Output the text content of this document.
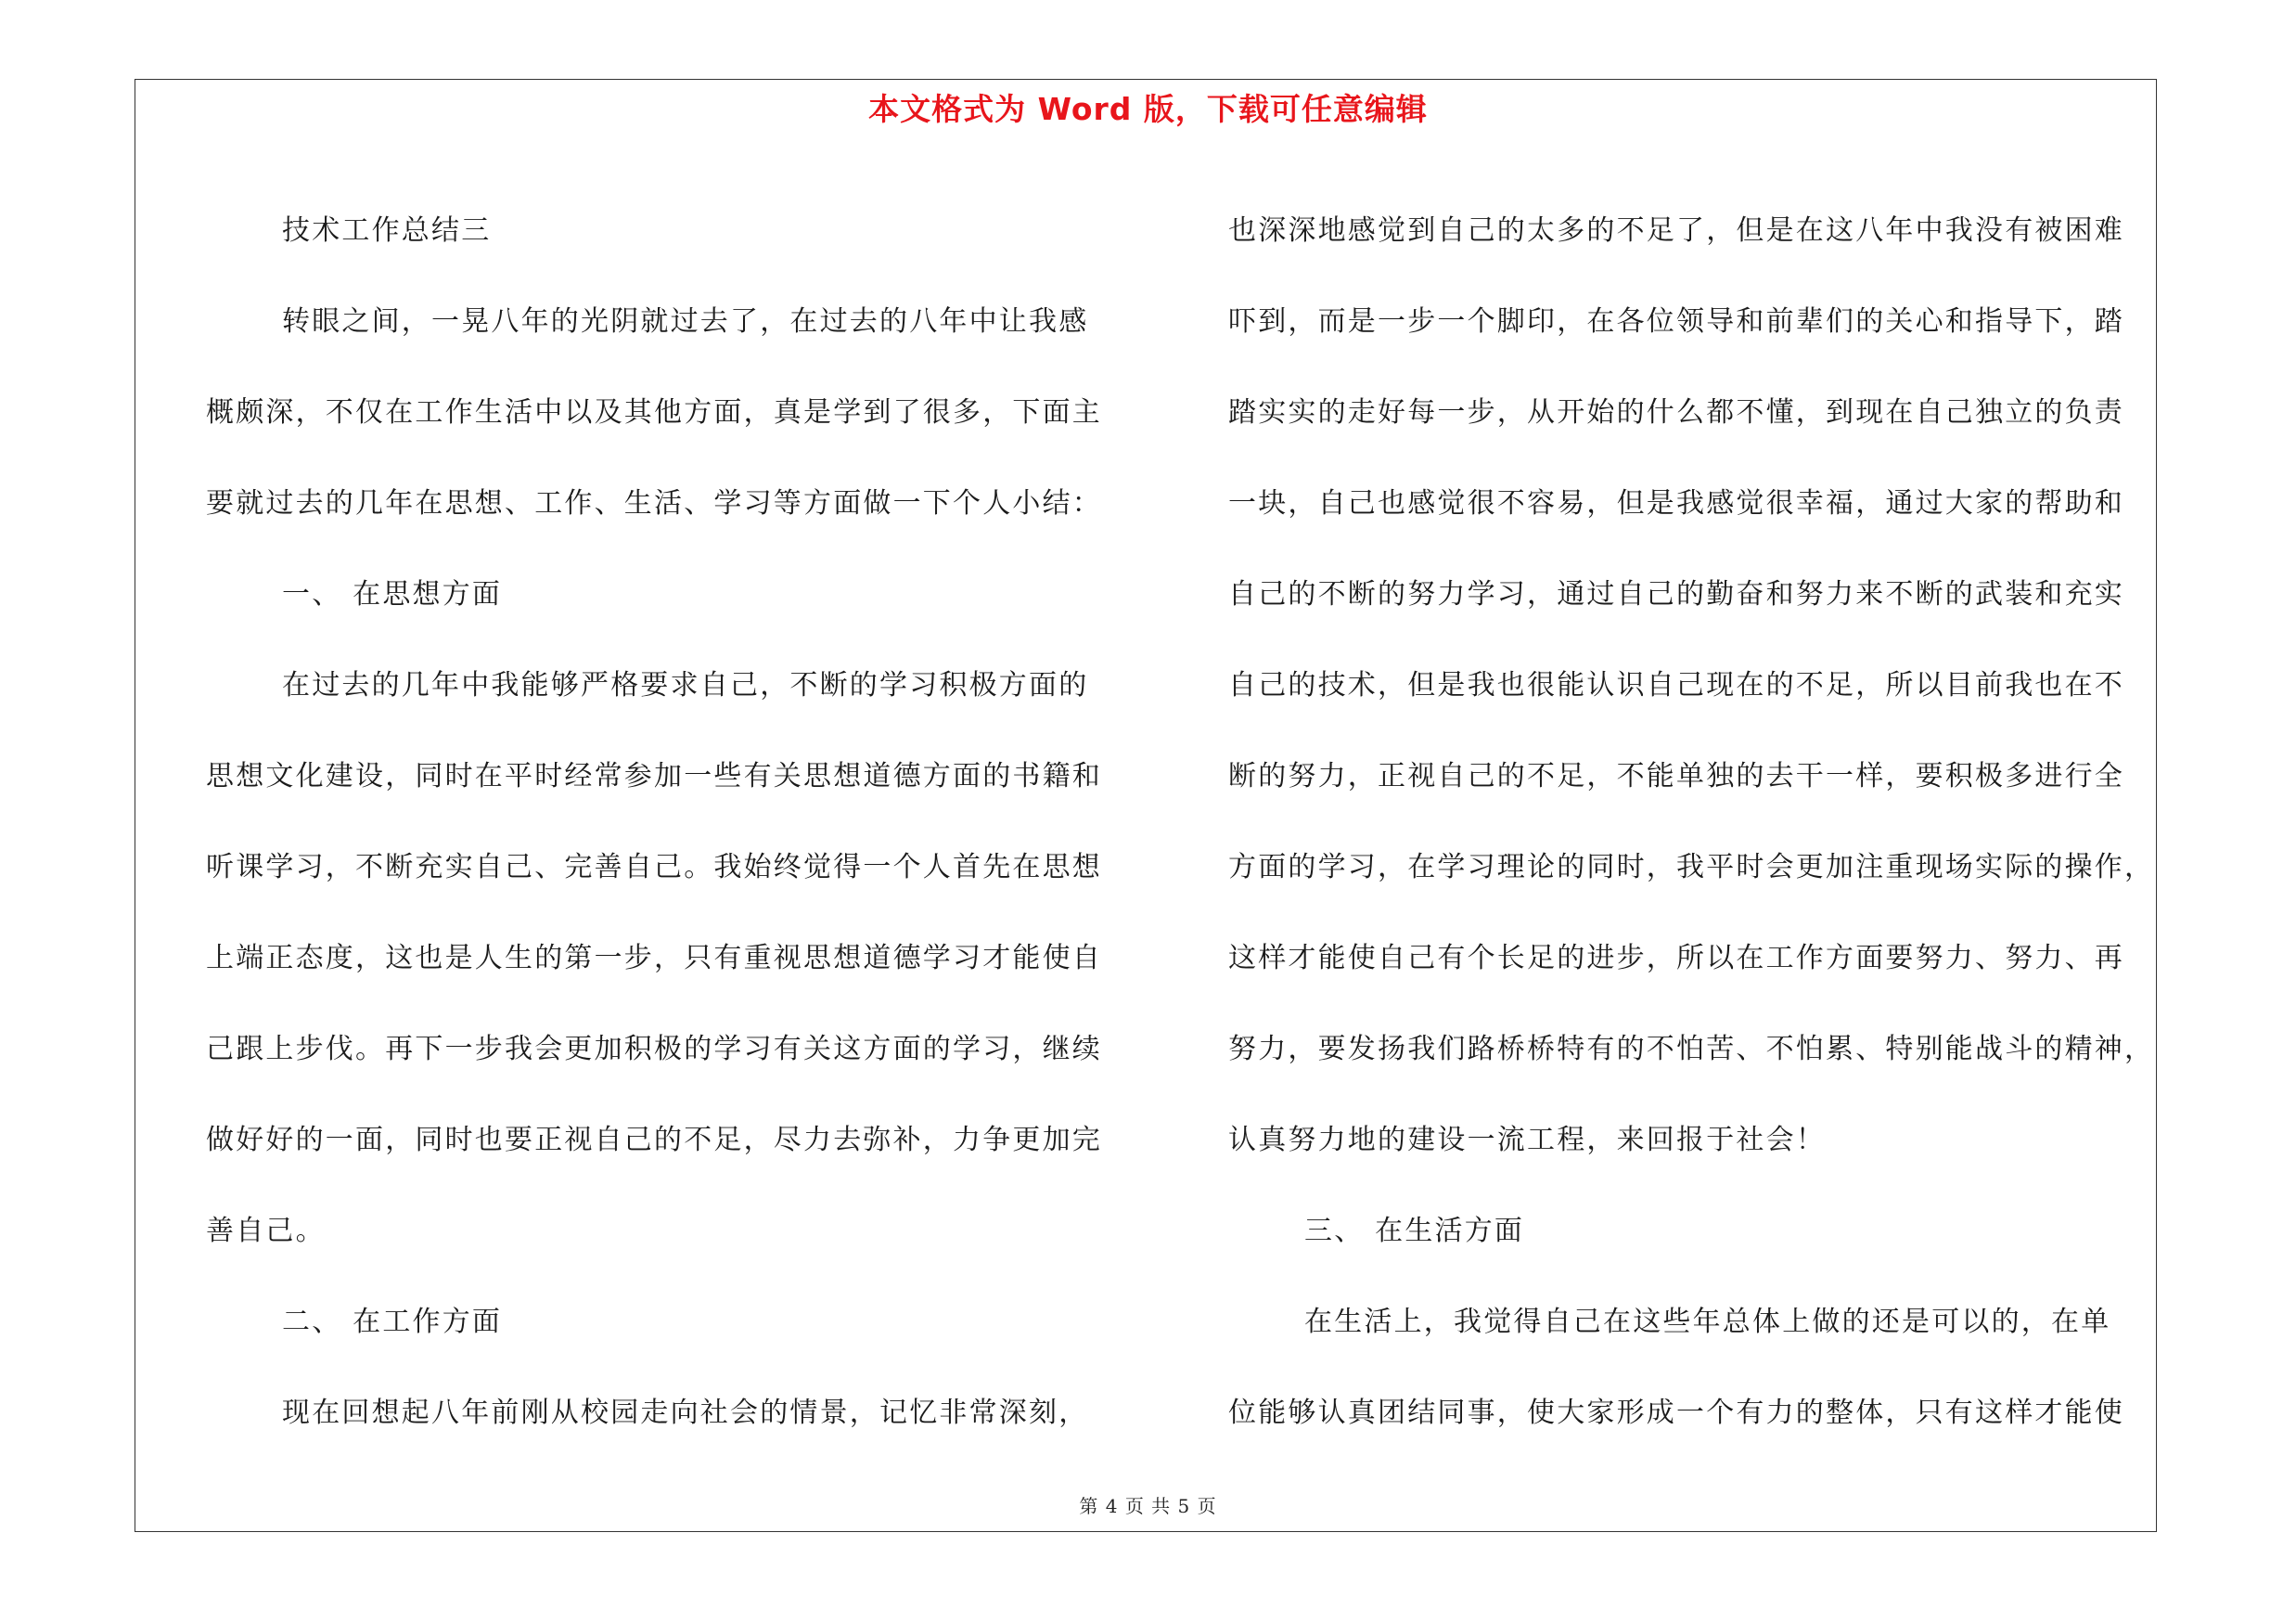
本文格式为 Word 版，下载可任意编辑
技术工作总结三
转眼之间，一晃八年的光阴就过去了，在过去的八年中让我感
概颇深，不仅在工作生活中以及其他方面，真是学到了很多，下面主
要就过去的几年在思想、工作、生活、学习等方面做一下个人小结：
一、 在思想方面
在过去的几年中我能够严格要求自己，不断的学习积极方面的
思想文化建设，同时在平时经常参加一些有关思想道德方面的书籍和
听课学习，不断充实自己、完善自己。我始终觉得一个人首先在思想
上端正态度，这也是人生的第一步，只有重视思想道德学习才能使自
己跟上步伐。再下一步我会更加积极的学习有关这方面的学习，继续
做好好的一面，同时也要正视自己的不足，尽力去弥补，力争更加完
善自己。
二、 在工作方面
现在回想起八年前刚从校园走向社会的情景，记忆非常深刻，
也深深地感觉到自己的太多的不足了，但是在这八年中我没有被困难
吓到，而是一步一个脚印，在各位领导和前辈们的关心和指导下，踏
踏实实的走好每一步，从开始的什么都不懂，到现在自己独立的负责
一块，自己也感觉很不容易，但是我感觉很幸福，通过大家的帮助和
自己的不断的努力学习，通过自己的勤奋和努力来不断的武装和充实
自己的技术，但是我也很能认识自己现在的不足，所以目前我也在不
断的努力，正视自己的不足，不能单独的去干一样，要积极多进行全
方面的学习，在学习理论的同时，我平时会更加注重现场实际的操作，
这样才能使自己有个长足的进步，所以在工作方面要努力、努力、再
努力，要发扬我们路桥桥特有的不怕苦、不怕累、特别能战斗的精神，
认真努力地的建设一流工程，来回报于社会！
三、 在生活方面
在生活上，我觉得自己在这些年总体上做的还是可以的，在单
位能够认真团结同事，使大家形成一个有力的整体，只有这样才能使
第 4 页 共 5 页
